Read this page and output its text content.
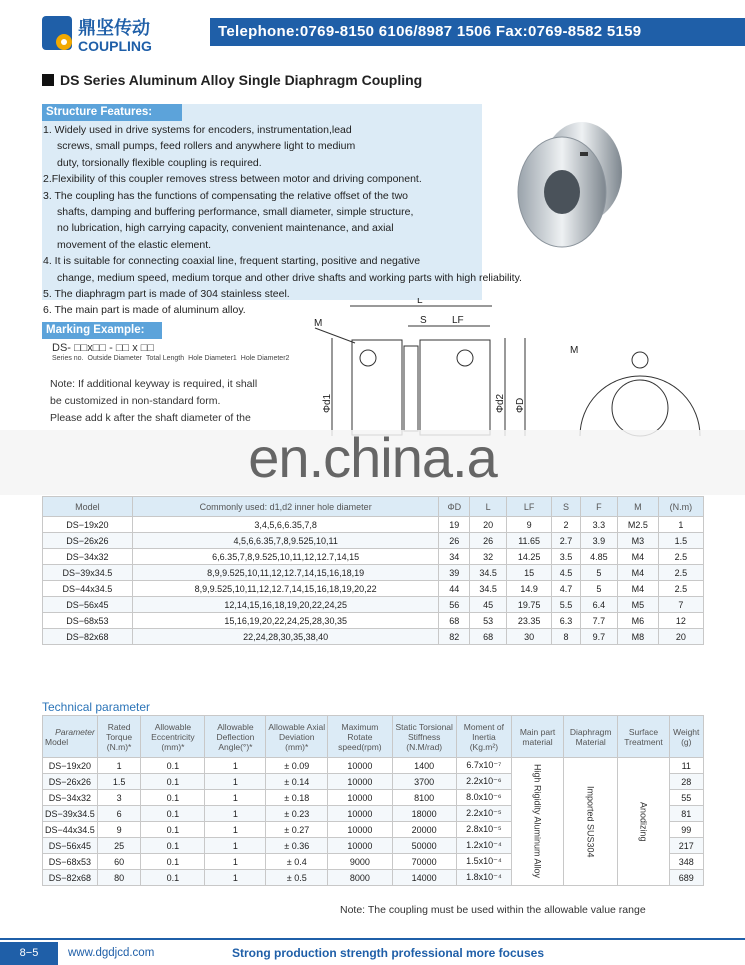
鼎坚传动
COUPLING
Telephone:0769-8150 6106/8987 1506 Fax:0769-8582 5159
DS Series Aluminum Alloy Single Diaphragm Coupling
Structure Features:
1. Widely used in drive systems for encoders, instrumentation,lead
screws, small pumps, feed rollers and anywhere light to medium
duty, torsionally flexible coupling is required.
2.Flexibility of this coupler removes stress between motor and driving component.
3. The coupling has the functions of compensating the relative offset of the two
shafts, damping and buffering performance, small diameter, simple structure,
no lubrication, high carrying capacity, convenient maintenance, and axial
movement of the elastic element.
4. It is suitable for connecting coaxial line, frequent starting, positive and negative
change, medium speed, medium torque and other drive shafts and working parts with high reliability.
5. The diaphragm part is made of 304 stainless steel.
6. The main part is made of aluminum alloy.
Marking Example:
DS- □□x□□ - □□ x □□
Series no. Outside Diameter Total Length Hole Diameter1 Hole Diameter2
Note: If additional keyway is required, it shall
be customized in non-standard form.
Please add k after the shaft diameter of the
L
S	LF
M
M
Φd1	Φd2 ΦD
en.china.a
Model	Commonly used: d1,d2 inner hole diameter	ΦD	L	LF	S	F	M	(N.m)
DS−19x20	3,4,5,6,6.35,7,8	19	20	9	2	3.3	M2.5	1
DS−26x26	4,5,6,6.35,7,8,9.525,10,11	26	26	11.65	2.7	3.9	M3	1.5
DS−34x32	6,6.35,7,8,9.525,10,11,12,12.7,14,15	34	32	14.25	3.5	4.85	M4	2.5
DS−39x34.5	8,9,9.525,10,11,12,12.7,14,15,16,18,19	39	34.5	15	4.5	5	M4	2.5
DS−44x34.5	8,9,9.525,10,11,12,12.7,14,15,16,18,19,20,22	44	34.5	14.9	4.7	5	M4	2.5
DS−56x45	12,14,15,16,18,19,20,22,24,25	56	45	19.75	5.5	6.4	M5	7
DS−68x53	15,16,19,20,22,24,25,28,30,35	68	53	23.35	6.3	7.7	M6	12
DS−82x68	22,24,28,30,35,38,40	82	68	30	8	9.7	M8	20
Technical parameter
Parameter
Model	Rated Torque (N.m)*	Allowable Eccentricity (mm)*	Allowable Deflection Angle(°)*	Allowable Axial Deviation (mm)*	Maximum Rotate speed(rpm)	Static Torsional Stiffness (N.M/rad)	Moment of Inertia (Kg.m²)	Main part material	Diaphragm Material	Surface Treatment	Weight (g)
DS−19x20	1	0.1	1	± 0.09	10000	1400	6.7x10⁻⁷	High Rigidity Aluminum Alloy	Imported SUS304	Anodizing	11
DS−26x26	1.5	0.1	1	± 0.14	10000	3700	2.2x10⁻⁶				28
DS−34x32	3	0.1	1	± 0.18	10000	8100	8.0x10⁻⁶				55
DS−39x34.5	6	0.1	1	± 0.23	10000	18000	2.2x10⁻⁵				81
DS−44x34.5	9	0.1	1	± 0.27	10000	20000	2.8x10⁻⁵				99
DS−56x45	25	0.1	1	± 0.36	10000	50000	1.2x10⁻⁴				217
DS−68x53	60	0.1	1	± 0.4	9000	70000	1.5x10⁻⁴				348
DS−82x68	80	0.1	1	± 0.5	8000	14000	1.8x10⁻⁴				689
Note: The coupling must be used within the allowable value range
8−5	www.dgdjcd.com	Strong production strength professional more focuses
